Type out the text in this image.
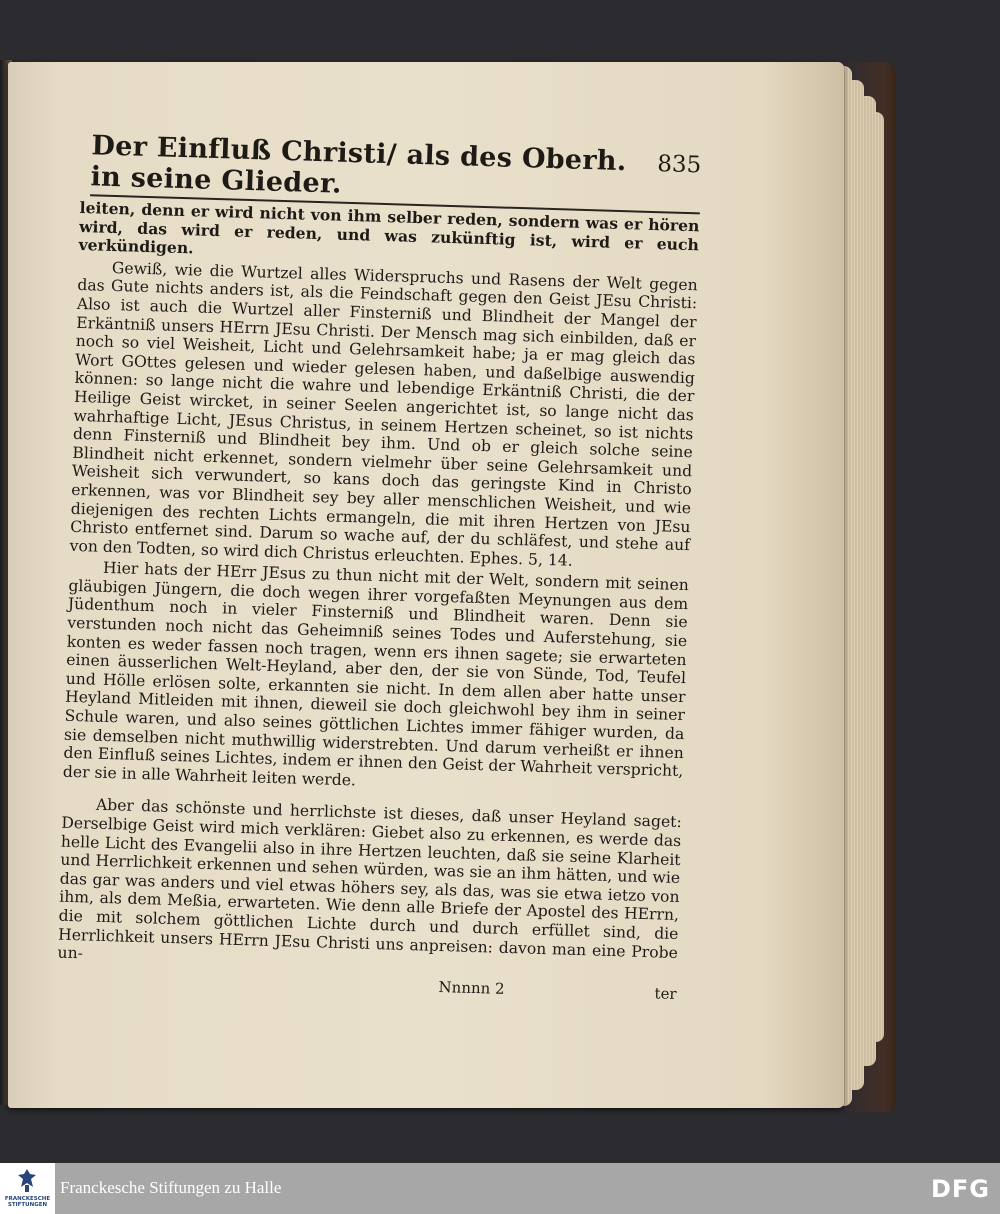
Der Einfluß Christi/ als des Oberh. in seine Glieder.	835

leiten, denn er wird nicht von ihm selber reden, sondern was er hören wird, das wird er reden, und was zukünftig ist, wird er euch verkündigen.

Gewiß, wie die Wurtzel alles Widerspruchs und Rasens der Welt gegen das Gute nichts anders ist, als die Feindschaft gegen den Geist JEsu Christi: Also ist auch die Wurtzel aller Finsterniß und Blindheit der Mangel der Erkäntniß unsers HErrn JEsu Christi. Der Mensch mag sich einbilden, daß er noch so viel Weisheit, Licht und Gelehrsamkeit habe; ja er mag gleich das Wort GOttes gelesen und wieder gelesen haben, und daßelbige auswendig können: so lange nicht die wahre und lebendige Erkäntniß Christi, die der Heilige Geist wircket, in seiner Seelen angerichtet ist, so lange nicht das wahrhaftige Licht, JEsus Christus, in seinem Hertzen scheinet, so ist nichts denn Finsterniß und Blindheit bey ihm. Und ob er gleich solche seine Blindheit nicht erkennet, sondern vielmehr über seine Gelehrsamkeit und Weisheit sich verwundert, so kans doch das geringste Kind in Christo erkennen, was vor Blindheit sey bey aller menschlichen Weisheit, und wie diejenigen des rechten Lichts ermangeln, die mit ihren Hertzen von JEsu Christo entfernet sind. Darum so wache auf, der du schläfest, und stehe auf von den Todten, so wird dich Christus erleuchten. Ephes. 5, 14.

Hier hats der HErr JEsus zu thun nicht mit der Welt, sondern mit seinen gläubigen Jüngern, die doch wegen ihrer vorgefaßten Meynungen aus dem Jüdenthum noch in vieler Finsterniß und Blindheit waren. Denn sie verstunden noch nicht das Geheimniß seines Todes und Auferstehung, sie konten es weder fassen noch tragen, wenn ers ihnen sagete; sie erwarteten einen äusserlichen Welt-Heyland, aber den, der sie von Sünde, Tod, Teufel und Hölle erlösen solte, erkannten sie nicht. In dem allen aber hatte unser Heyland Mitleiden mit ihnen, dieweil sie doch gleichwohl bey ihm in seiner Schule waren, und also seines göttlichen Lichtes immer fähiger wurden, da sie demselben nicht muthwillig widerstrebten. Und darum verheißt er ihnen den Einfluß seines Lichtes, indem er ihnen den Geist der Wahrheit verspricht, der sie in alle Wahrheit leiten werde.

Aber das schönste und herrlichste ist dieses, daß unser Heyland saget: Derselbige Geist wird mich verklären: Giebet also zu erkennen, es werde das helle Licht des Evangelii also in ihre Hertzen leuchten, daß sie seine Klarheit und Herrlichkeit erkennen und sehen würden, was sie an ihm hätten, und wie das gar was anders und viel etwas höhers sey, als das, was sie etwa ietzo von ihm, als dem Meßia, erwarteten. Wie denn alle Briefe der Apostel des HErrn, die mit solchem göttlichen Lichte durch und durch erfüllet sind, die Herrlichkeit unsers HErrn JEsu Christi uns anpreisen: davon man eine Probe un-

Nnnnn 2	ter
FRANCKESCHE STIFTUNGEN
Franckesche Stiftungen zu Halle	DFG
